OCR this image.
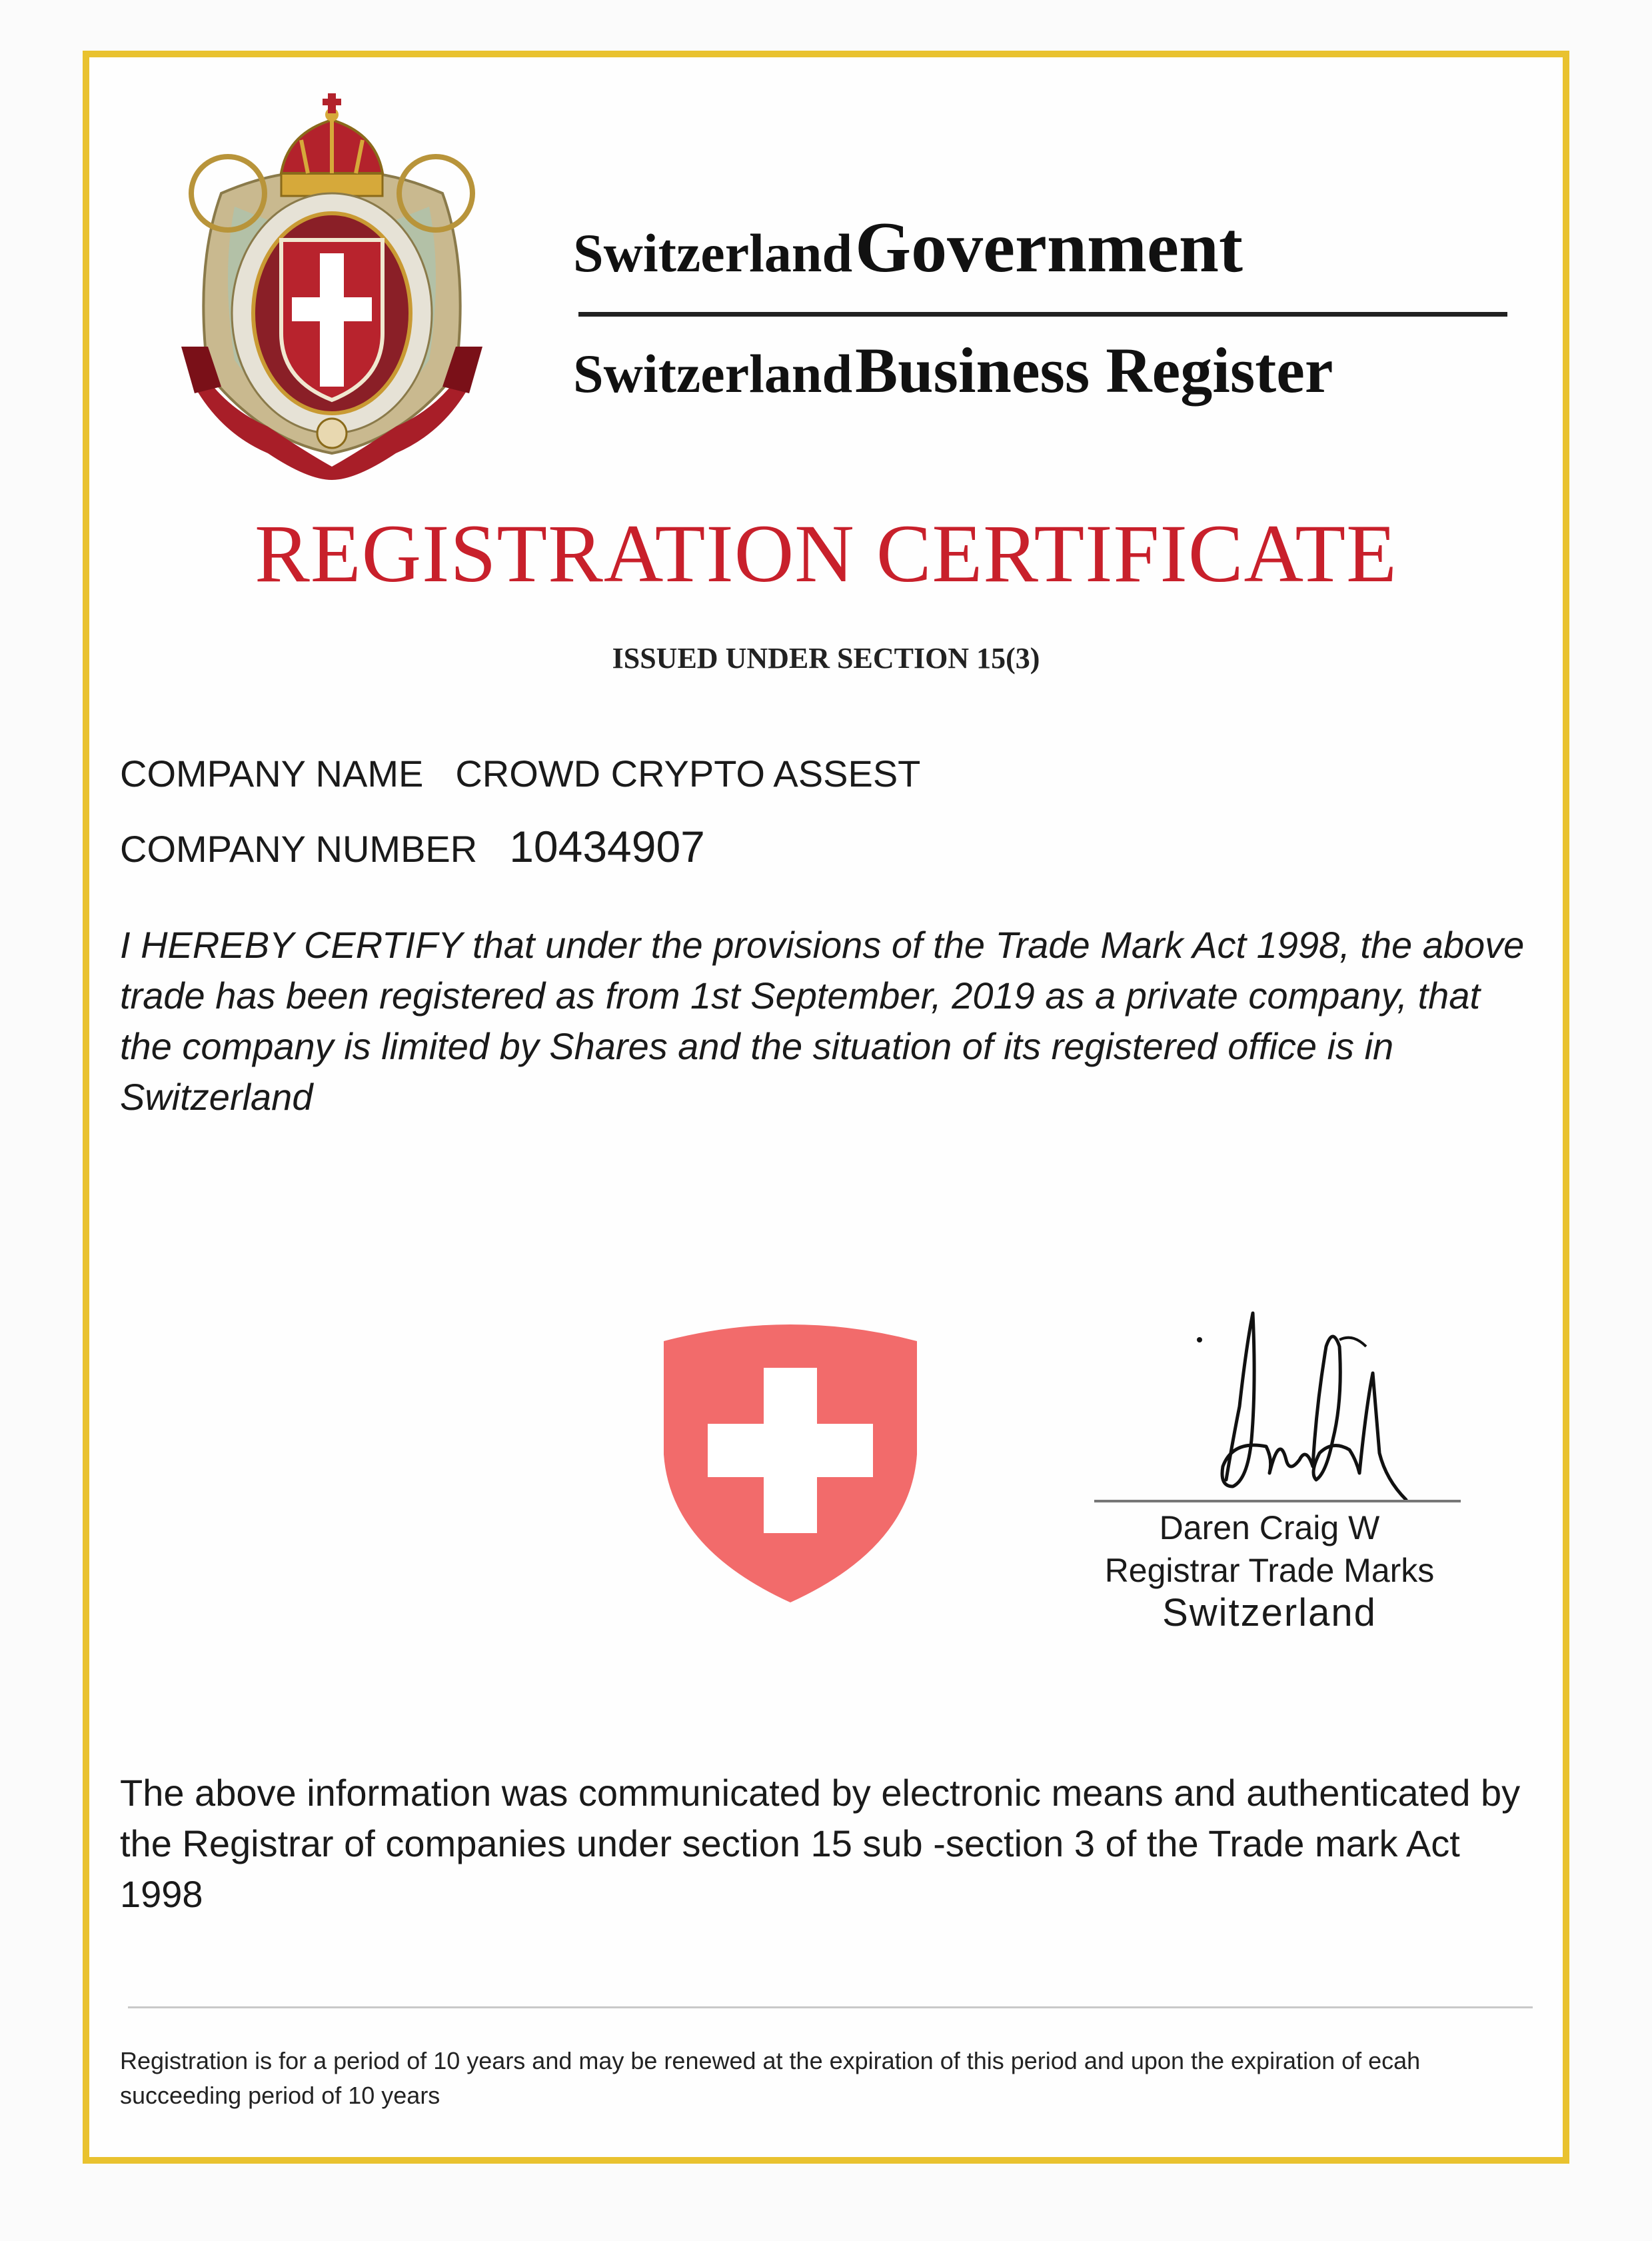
Switzerland Government
Switzerland Business Register
REGISTRATION CERTIFICATE
ISSUED UNDER SECTION 15(3)
COMPANY NAME CROWD CRYPTO ASSEST
COMPANY NUMBER 10434907
I HEREBY CERTIFY that under the provisions of the Trade Mark Act 1998, the above trade has been registered as from 1st September, 2019 as a private company, that the company is limited by Shares and the situation of its registered office is in Switzerland
Daren Craig W
Registrar Trade Marks
Switzerland
The above information was communicated by electronic means and authenticated by the Registrar of companies under section 15 sub -section 3 of the Trade mark Act 1998
Registration is for a period of 10 years and may be renewed at the expiration of this period and upon the expiration of ecah succeeding period of 10 years
